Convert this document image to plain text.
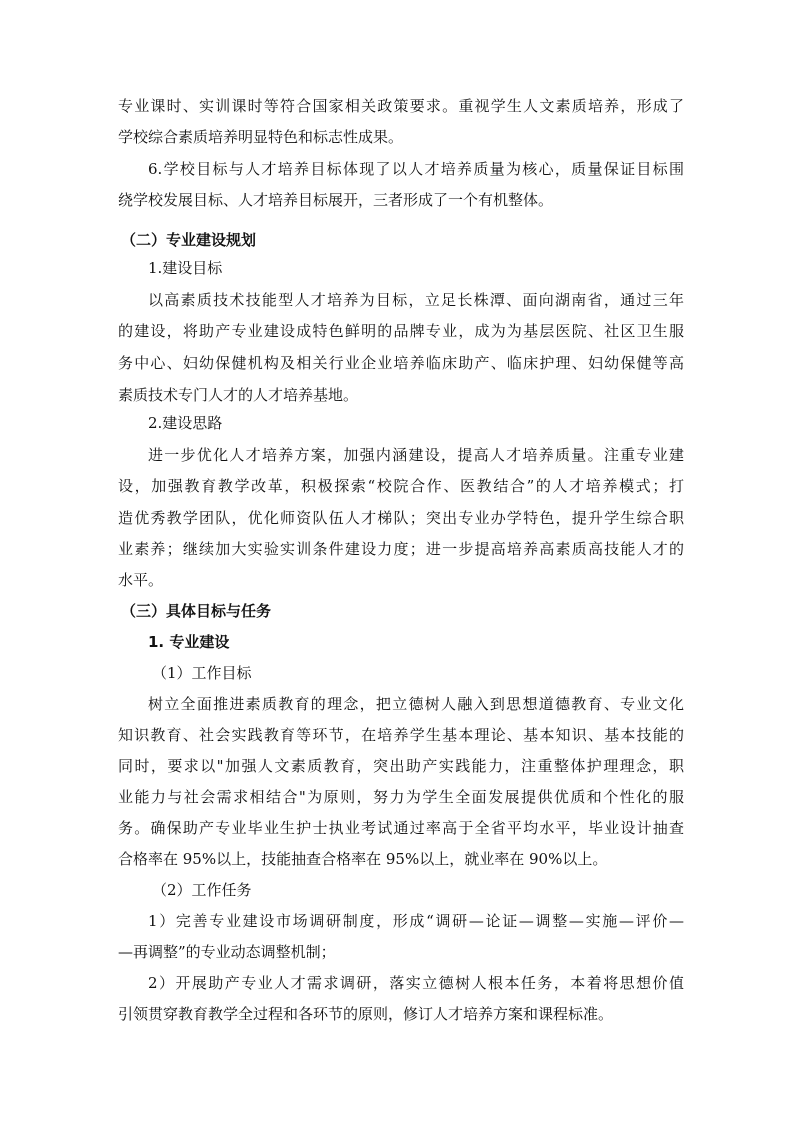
专业课时、实训课时等符合国家相关政策要求。重视学生人文素质培养，形成了
学校综合素质培养明显特色和标志性成果。
6.学校目标与人才培养目标体现了以人才培养质量为核心，质量保证目标围
绕学校发展目标、人才培养目标展开，三者形成了一个有机整体。
（二）专业建设规划
1.建设目标
以高素质技术技能型人才培养为目标，立足长株潭、面向湖南省，通过三年
的建设，将助产专业建设成特色鲜明的品牌专业，成为为基层医院、社区卫生服
务中心、妇幼保健机构及相关行业企业培养临床助产、临床护理、妇幼保健等高
素质技术专门人才的人才培养基地。
2.建设思路
进一步优化人才培养方案，加强内涵建设，提高人才培养质量。注重专业建
设，加强教育教学改革，积极探索“校院合作、医教结合”的人才培养模式；打
造优秀教学团队，优化师资队伍人才梯队；突出专业办学特色，提升学生综合职
业素养；继续加大实验实训条件建设力度；进一步提高培养高素质高技能人才的
水平。
（三）具体目标与任务
1. 专业建设
（1）工作目标
树立全面推进素质教育的理念，把立德树人融入到思想道德教育、专业文化
知识教育、社会实践教育等环节，在培养学生基本理论、基本知识、基本技能的
同时，要求以"加强人文素质教育，突出助产实践能力，注重整体护理理念，职
业能力与社会需求相结合"为原则，努力为学生全面发展提供优质和个性化的服
务。确保助产专业毕业生护士执业考试通过率高于全省平均水平，毕业设计抽查
合格率在 95%以上，技能抽查合格率在 95%以上，就业率在 90%以上。
（2）工作任务
1）完善专业建设市场调研制度，形成“调研—论证—调整—实施—评价—
—再调整”的专业动态调整机制；
2）开展助产专业人才需求调研，落实立德树人根本任务，本着将思想价值
引领贯穿教育教学全过程和各环节的原则，修订人才培养方案和课程标准。
